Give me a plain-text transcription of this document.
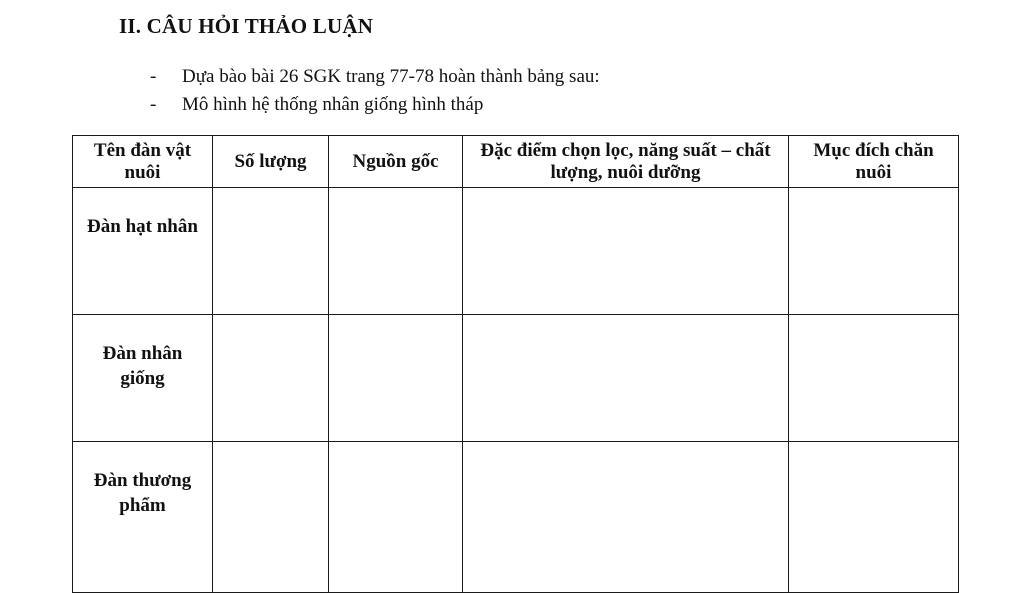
II. CÂU HỎI THẢO LUẬN
- Dựa bào bài 26 SGK trang 77-78 hoàn thành bảng sau:
- Mô hình hệ thống nhân giống hình tháp
Tên đàn vật nuôi	Số lượng	Nguồn gốc	Đặc điểm chọn lọc, năng suất – chất lượng, nuôi dưỡng	Mục đích chăn nuôi

Đàn hạt nhân				

Đàn nhân giống				

Đàn thương phẩm				
